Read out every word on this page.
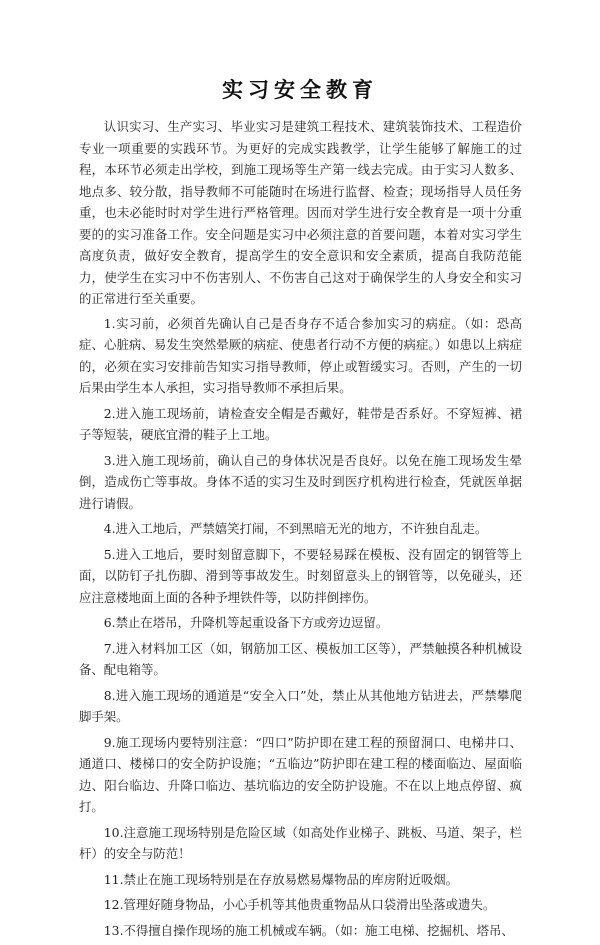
实习安全教育

认识实习、生产实习、毕业实习是建筑工程技术、建筑装饰技术、工程造价专业一项重要的实践环节。为更好的完成实践教学，让学生能够了解施工的过程，本环节必须走出学校，到施工现场等生产第一线去完成。由于实习人数多、地点多、较分散，指导教师不可能随时在场进行监督、检查；现场指导人员任务重，也未必能时时对学生进行严格管理。因而对学生进行安全教育是一项十分重要的的实习准备工作。安全问题是实习中必须注意的首要问题，本着对实习学生高度负责，做好安全教育，提高学生的安全意识和安全素质，提高自我防范能力，使学生在实习中不伤害别人、不伤害自己这对于确保学生的人身安全和实习的正常进行至关重要。

1.实习前，必须首先确认自己是否身存不适合参加实习的病症。（如：恐高症、心脏病、易发生突然晕厥的病症、使患者行动不方便的病症。）如患以上病症的，必须在实习安排前告知实习指导教师，停止或暂缓实习。否则，产生的一切后果由学生本人承担，实习指导教师不承担后果。

2.进入施工现场前，请检查安全帽是否戴好，鞋带是否系好。不穿短裤、裙子等短装，硬底宜滑的鞋子上工地。

3.进入施工现场前，确认自己的身体状况是否良好。以免在施工现场发生晕倒，造成伤亡等事故。身体不适的实习生及时到医疗机构进行检查，凭就医单据进行请假。

4.进入工地后，严禁嬉笑打闹，不到黑暗无光的地方，不许独自乱走。

5.进入工地后，要时刻留意脚下，不要轻易踩在模板、没有固定的钢管等上面，以防钉子扎伤脚、滑到等事故发生。时刻留意头上的钢管等，以免碰头，还应注意楼地面上面的各种予埋铁件等，以防拌倒摔伤。

6.禁止在塔吊，升降机等起重设备下方或旁边逗留。

7.进入材料加工区（如，钢筋加工区、模板加工区等），严禁触摸各种机械设备、配电箱等。

8.进入施工现场的通道是“安全入口”处，禁止从其他地方钻进去，严禁攀爬脚手架。

9.施工现场内要特别注意：“四口”防护即在建工程的预留洞口、电梯井口、通道口、楼梯口的安全防护设施；“五临边”防护即在建工程的楼面临边、屋面临边、阳台临边、升降口临边、基坑临边的安全防护设施。不在以上地点停留、疯打。

10.注意施工现场特别是危险区域（如高处作业梯子、跳板、马道、架子，栏杆）的安全与防范！

11.禁止在施工现场特别是在存放易燃易爆物品的库房附近吸烟。

12.管理好随身物品，小心手机等其他贵重物品从口袋滑出坠落或遗失。

13.不得擅自操作现场的施工机械或车辆。（如：施工电梯、挖掘机、塔吊、
